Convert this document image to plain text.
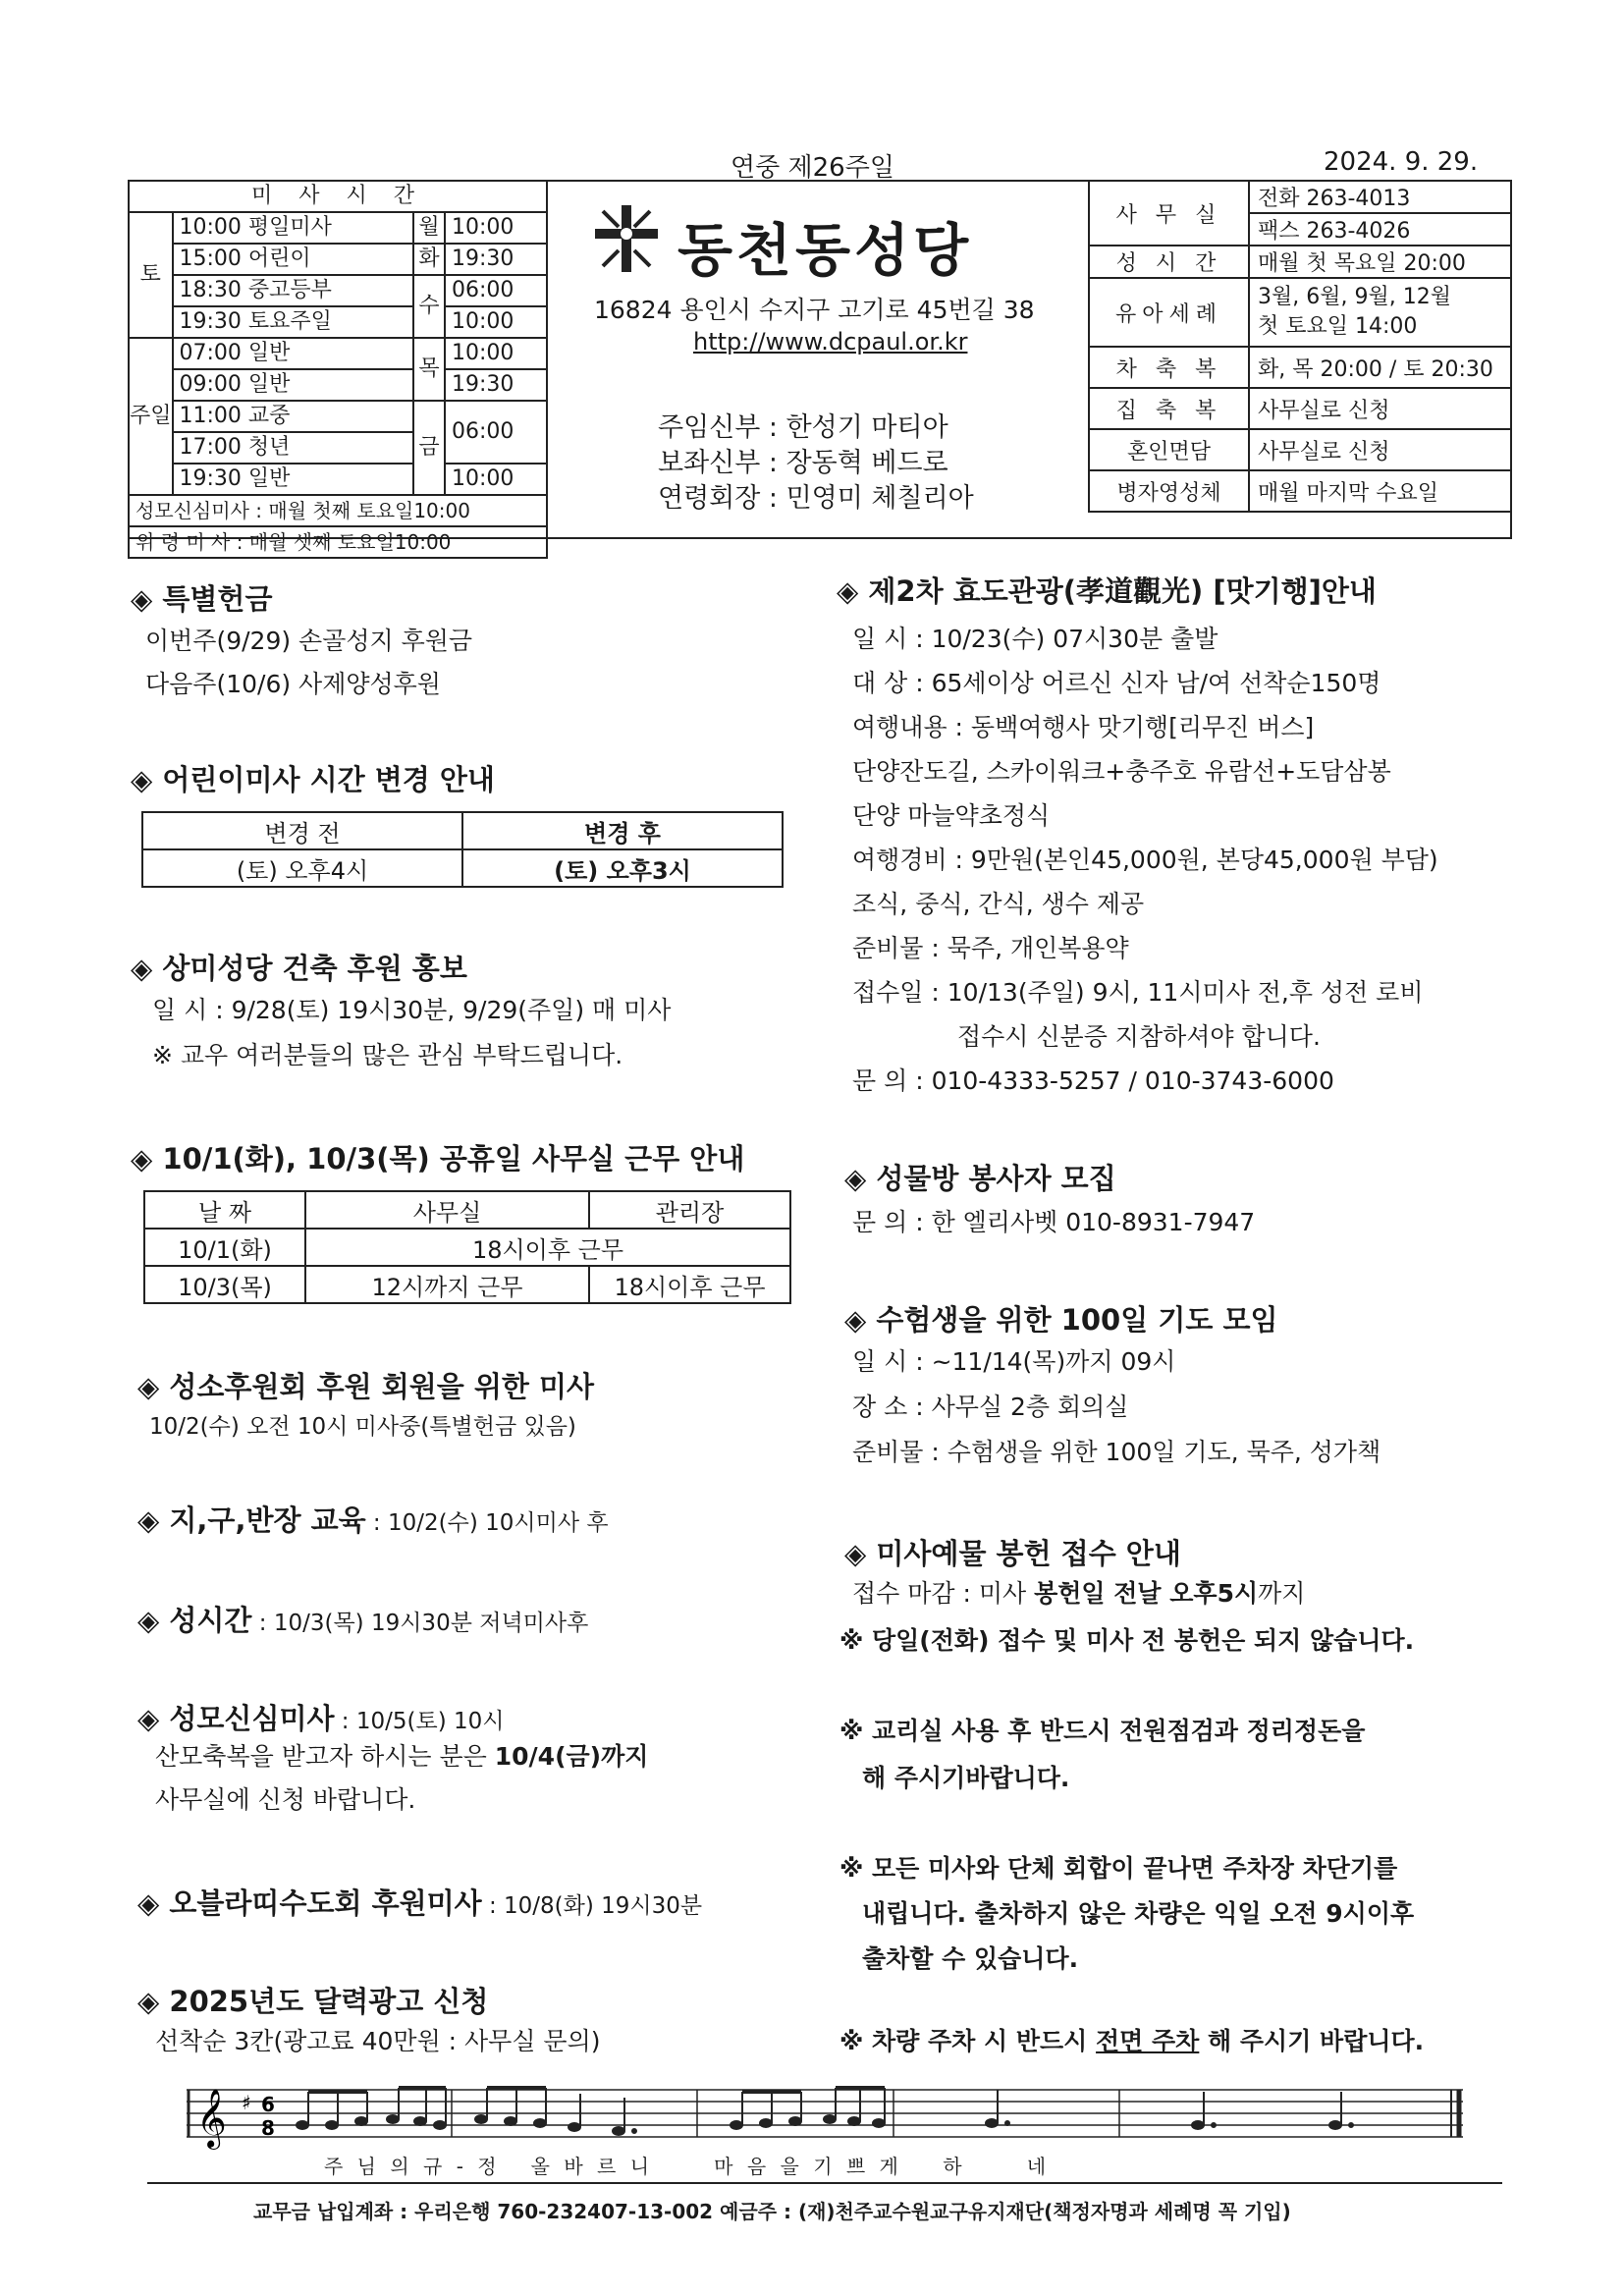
연중 제26주일	2024. 9. 29.
미 사 시 간			
토	10:00 평일미사	월	10:00
	15:00 어린이	화	19:30
	18:30 중고등부	수	06:00
	19:30 토요주일		10:00
주일	07:00 일반	목	10:00
	09:00 일반		19:30
	11:00 교중	금	06:00
	17:00 청년		
	19:30 일반		10:00
성모신심미사 : 매월 첫째 토요일10:00			
위 령 미 사 : 매월 셋째 토요일10:00			
동천동성당
16824 용인시 수지구 고기로 45번길 38
http://www.dcpaul.or.kr
주임신부 : 한성기 마티아
보좌신부 : 장동혁 베드로
연령회장 : 민영미 체칠리아
사 무 실	전화 263-4013
	팩스 263-4026
성 시 간	매월 첫 목요일 20:00
유아세례	3월, 6월, 9월, 12월
첫 토요일 14:00

차 축 복	화, 목 20:00 / 토 20:30
집 축 복	사무실로 신청
혼인면담	사무실로 신청
병자영성체	매월 마지막 수요일
◈ 특별헌금
이번주(9/29) 손골성지 후원금
다음주(10/6) 사제양성후원
◈ 어린이미사 시간 변경 안내
변경 전	변경 후
(토) 오후4시	(토) 오후3시
◈ 상미성당 건축 후원 홍보
일 시 : 9/28(토) 19시30분, 9/29(주일) 매 미사
※ 교우 여러분들의 많은 관심 부탁드립니다.
◈ 10/1(화), 10/3(목) 공휴일 사무실 근무 안내
날 짜	사무실	관리장
10/1(화)	18시이후 근무	
10/3(목)	12시까지 근무	18시이후 근무
◈ 성소후원회 후원 회원을 위한 미사
10/2(수) 오전 10시 미사중(특별헌금 있음)
◈ 지,구,반장 교육 : 10/2(수) 10시미사 후
◈ 성시간 : 10/3(목) 19시30분 저녁미사후
◈ 성모신심미사 : 10/5(토) 10시
산모축복을 받고자 하시는 분은 10/4(금)까지
사무실에 신청 바랍니다.
◈ 오블라띠수도회 후원미사 : 10/8(화) 19시30분
◈ 2025년도 달력광고 신청
선착순 3칸(광고료 40만원 : 사무실 문의)
◈ 제2차 효도관광(孝道觀光) [맛기행]안내
일 시 : 10/23(수) 07시30분 출발
대 상 : 65세이상 어르신 신자 남/여 선착순150명
여행내용 : 동백여행사 맛기행[리무진 버스]
단양잔도길, 스카이워크+충주호 유람선+도담삼봉
단양 마늘약초정식
여행경비 : 9만원(본인45,000원, 본당45,000원 부담)
조식, 중식, 간식, 생수 제공
준비물 : 묵주, 개인복용약
접수일 : 10/13(주일) 9시, 11시미사 전,후 성전 로비
접수시 신분증 지참하셔야 합니다.
문 의 : 010-4333-5257 / 010-3743-6000
◈ 성물방 봉사자 모집
문 의 : 한 엘리사벳 010-8931-7947
◈ 수험생을 위한 100일 기도 모임
일 시 : ~11/14(목)까지 09시
장 소 : 사무실 2층 회의실
준비물 : 수험생을 위한 100일 기도, 묵주, 성가책
◈ 미사예물 봉헌 접수 안내
접수 마감 : 미사 봉헌일 전날 오후5시까지
※ 당일(전화) 접수 및 미사 전 봉헌은 되지 않습니다.
※ 교리실 사용 후 반드시 전원점검과 정리정돈을
해 주시기바랍니다.
※ 모든 미사와 단체 회합이 끝나면 주차장 차단기를
내립니다. 출차하지 않은 차량은 익일 오전 9시이후
출차할 수 있습니다.
※ 차량 주차 시 반드시 전면 주차 해 주시기 바랍니다.
𝄞 ♯ 6
8
주 님 의 규 - 정   올 바 르 니      마 음 을 기 쁘 게    하      네
교무금 납입계좌 : 우리은행 760-232407-13-002 예금주 : (재)천주교수원교구유지재단(책정자명과 세례명 꼭 기입)
